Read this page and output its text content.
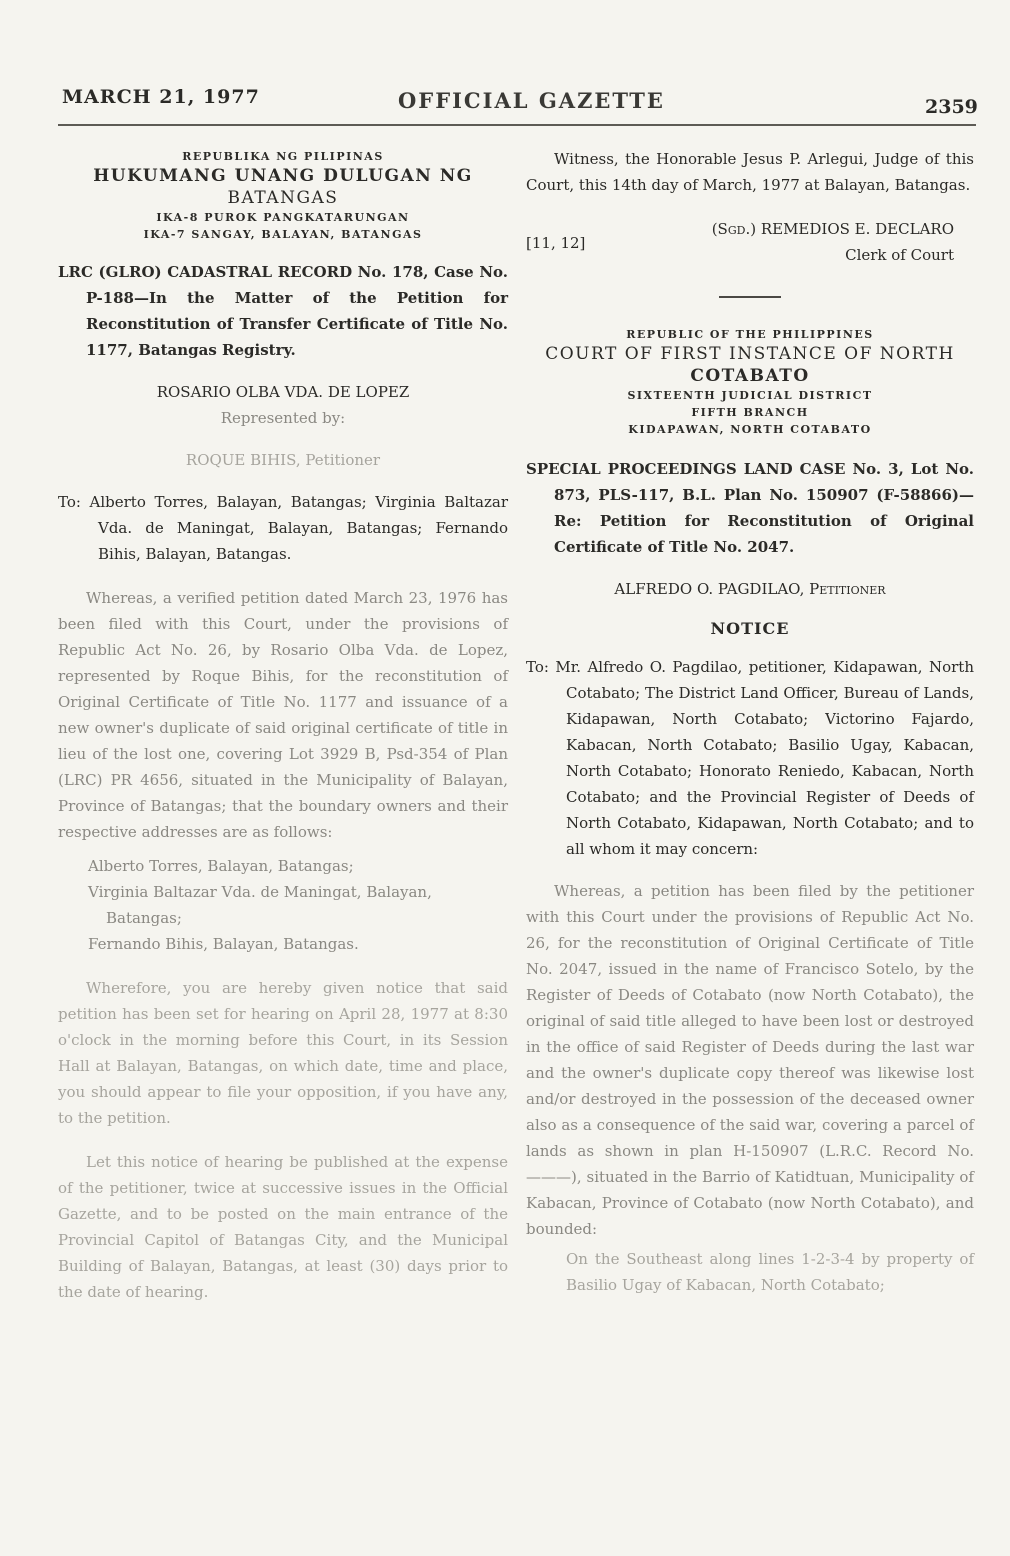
MARCH 21, 1977	OFFICIAL GAZETTE	2359
REPUBLIKA NG PILIPINAS
HUKUMANG UNANG DULUGAN NG
BATANGAS
IKA-8 PUROK PANGKATARUNGAN
IKA-7 SANGAY, BALAYAN, BATANGAS

LRC (GLRO) CADASTRAL RECORD No. 178, Case No. P-188—In the Matter of the Petition for Reconstitution of Transfer Certificate of Title No. 1177, Batangas Registry.

ROSARIO OLBA VDA. DE LOPEZ
Represented by:
ROQUE BIHIS, Petitioner

To: Alberto Torres, Balayan, Batangas; Virginia Baltazar Vda. de Maningat, Balayan, Batangas; Fernando Bihis, Balayan, Batangas.

Whereas, a verified petition dated March 23, 1976 has been filed with this Court, under the provisions of Republic Act No. 26, by Rosario Olba Vda. de Lopez, represented by Roque Bihis, for the reconstitution of Original Certificate of Title No. 1177 and issuance of a new owner's duplicate of said original certificate of title in lieu of the lost one, covering Lot 3929 B, Psd-354 of Plan (LRC) PR 4656, situated in the Municipality of Balayan, Province of Batangas; that the boundary owners and their respective addresses are as follows:

Alberto Torres, Balayan, Batangas;
Virginia Baltazar Vda. de Maningat, Balayan, Batangas;
Fernando Bihis, Balayan, Batangas.

Wherefore, you are hereby given notice that said petition has been set for hearing on April 28, 1977 at 8:30 o'clock in the morning before this Court, in its Session Hall at Balayan, Batangas, on which date, time and place, you should appear to file your opposition, if you have any, to the petition.

Let this notice of hearing be published at the expense of the petitioner, twice at successive issues in the Official Gazette, and to be posted on the main entrance of the Provincial Capitol of Batangas City, and the Municipal Building of Balayan, Batangas, at least (30) days prior to the date of hearing.

Witness, the Honorable Jesus P. Arlegui, Judge of this Court, this 14th day of March, 1977 at Balayan, Batangas.

[11, 12]
(Sgd.) REMEDIOS E. DECLARO
Clerk of Court
REPUBLIC OF THE PHILIPPINES
COURT OF FIRST INSTANCE OF NORTH
COTABATO
SIXTEENTH JUDICIAL DISTRICT
FIFTH BRANCH
KIDAPAWAN, NORTH COTABATO

SPECIAL PROCEEDINGS LAND CASE No. 3, Lot No. 873, PLS-117, B.L. Plan No. 150907 (F-58866)—Re: Petition for Reconstitution of Original Certificate of Title No. 2047.

ALFREDO O. PAGDILAO, Petitioner
NOTICE

To: Mr. Alfredo O. Pagdilao, petitioner, Kidapawan, North Cotabato; The District Land Officer, Bureau of Lands, Kidapawan, North Cotabato; Victorino Fajardo, Kabacan, North Cotabato; Basilio Ugay, Kabacan, North Cotabato; Honorato Reniedo, Kabacan, North Cotabato; and the Provincial Register of Deeds of North Cotabato, Kidapawan, North Cotabato; and to all whom it may concern:

Whereas, a petition has been filed by the petitioner with this Court under the provisions of Republic Act No. 26, for the reconstitution of Original Certificate of Title No. 2047, issued in the name of Francisco Sotelo, by the Register of Deeds of Cotabato (now North Cotabato), the original of said title alleged to have been lost or destroyed in the office of said Register of Deeds during the last war and the owner's duplicate copy thereof was likewise lost and/or destroyed in the possession of the deceased owner also as a consequence of the said war, covering a parcel of lands as shown in plan H-150907 (L.R.C. Record No. ———), situated in the Barrio of Katidtuan, Municipality of Kabacan, Province of Cotabato (now North Cotabato), and bounded:

On the Southeast along lines 1-2-3-4 by property of Basilio Ugay of Kabacan, North Cotabato;
